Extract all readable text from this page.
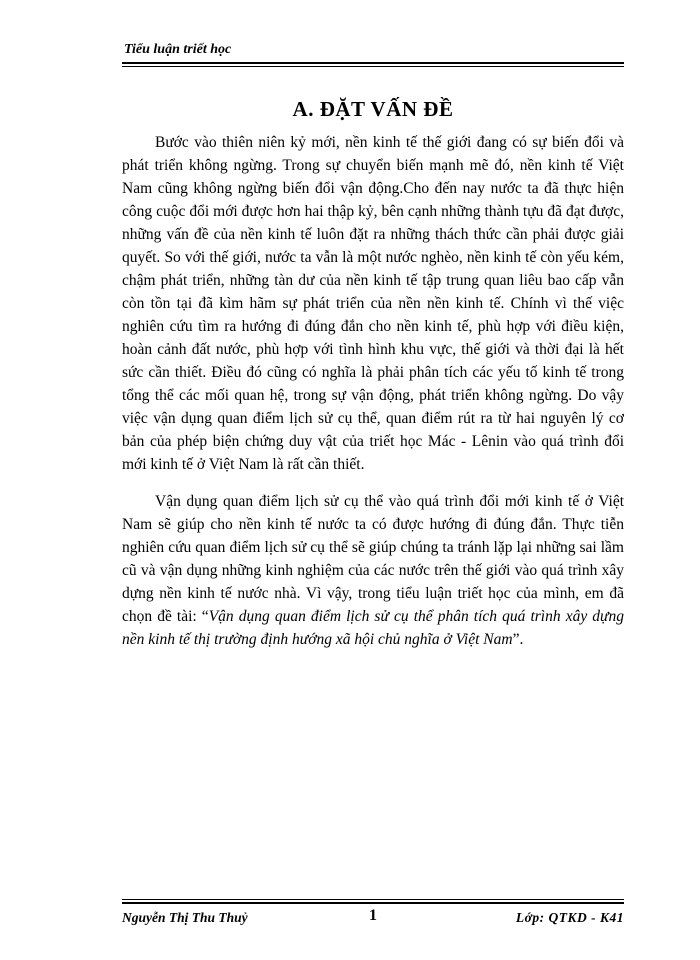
Tiểu luận triết học
A. ĐẶT VẤN ĐỀ

Bước vào thiên niên kỷ mới, nền kinh tế thế giới đang có sự biến đổi và phát triển không ngừng. Trong sự chuyển biến mạnh mẽ đó, nền kinh tế Việt Nam cũng không ngừng biến đổi vận động.Cho đến nay nước ta đã thực hiện công cuộc đổi mới được hơn hai thập kỷ, bên cạnh những thành tựu đã đạt được, những vấn đề của nền kinh tế luôn đặt ra những thách thức cần phải được giải quyết. So với thế giới, nước ta vẫn là một nước nghèo, nền kinh tế còn yếu kém, chậm phát triển, những tàn dư của nền kinh tế tập trung quan liêu bao cấp vẫn còn tồn tại đã kìm hãm sự phát triển của nền nền kinh tế. Chính vì thế việc nghiên cứu tìm ra hướng đi đúng đắn cho nền kinh tế, phù hợp với điều kiện, hoàn cảnh đất nước, phù hợp với tình hình khu vực, thế giới và thời đại là hết sức cần thiết. Điều đó cũng có nghĩa là phải phân tích các yếu tố kinh tế trong tổng thể các mối quan hệ, trong sự vận động, phát triển không ngừng. Do vậy việc vận dụng quan điểm lịch sử cụ thể, quan điểm rút ra từ hai nguyên lý cơ bản của phép biện chứng duy vật của triết học Mác - Lênin vào quá trình đổi mới kinh tế ở Việt Nam là rất cần thiết.

Vận dụng quan điểm lịch sử cụ thể vào quá trình đổi mới kinh tế ở Việt Nam sẽ giúp cho nền kinh tế nước ta có được hướng đi đúng đắn. Thực tiễn nghiên cứu quan điểm lịch sử cụ thể sẽ giúp chúng ta tránh lặp lại những sai lầm cũ và vận dụng những kinh nghiệm của các nước trên thế giới vào quá trình xây dựng nền kinh tế nước nhà. Vì vậy, trong tiểu luận triết học của mình, em đã chọn đề tài: “Vận dụng quan điểm lịch sử cụ thể phân tích quá trình xây dựng nền kinh tế thị trường định hướng xã hội chủ nghĩa ở Việt Nam”.

Nguyễn Thị Thu Thuỷ	1	Lớp: QTKD - K41
